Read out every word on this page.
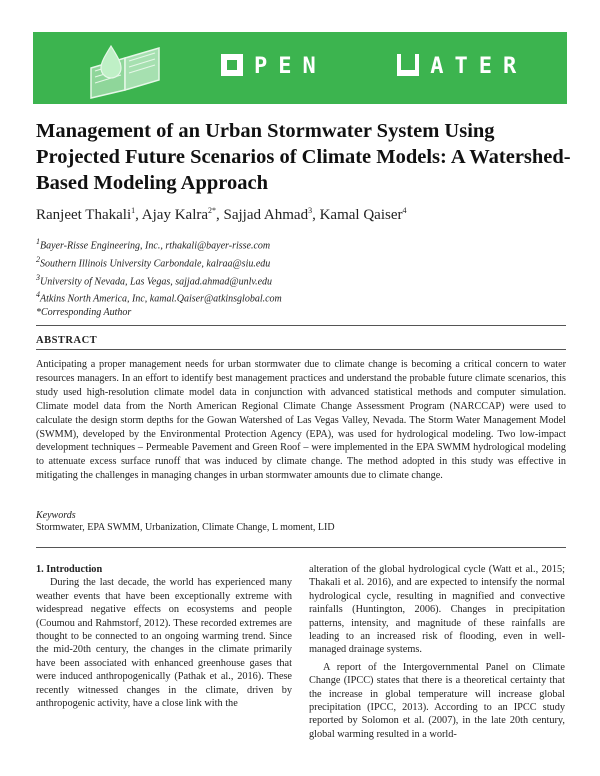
PEN	ATER
Management of an Urban Stormwater System Using Projected Future Scenarios of Climate Models: A Watershed-Based Modeling Approach
Ranjeet Thakali$^1$, Ajay Kalra$^{2*}$, Sajjad Ahmad$^3$, Kamal Qaiser$^4$
$^1$Bayer-Risse Engineering, Inc., rthakali@bayer-risse.com
$^2$Southern Illinois University Carbondale, kalraa@siu.edu
$^3$University of Nevada, Las Vegas, sajjad.ahmad@unlv.edu
$^4$Atkins North America, Inc, kamal.Qaiser@atkinsglobal.com
*Corresponding Author
ABSTRACT

Anticipating a proper management needs for urban stormwater due to climate change is becoming a critical concern to water resources managers. In an effort to identify best management practices and understand the probable future climate scenarios, this study used high-resolution climate model data in conjunction with advanced statistical methods and computer simulation. Climate model data from the North American Regional Climate Change Assessment Program (NARCCAP) were used to calculate the design storm depths for the Gowan Watershed of Las Vegas Valley, Nevada. The Storm Water Management Model (SWMM), developed by the Environmental Protection Agency (EPA), was used for hydrological modeling. Two low-impact development techniques – Permeable Pavement and Green Roof – were implemented in the EPA SWMM hydrological modeling to attenuate excess surface runoff that was induced by climate change. The method adopted in this study was effective in mitigating the challenges in managing changes in urban stormwater amounts due to climate change.

Keywords
Stormwater, EPA SWMM, Urbanization, Climate Change, L moment, LID

1. Introduction

During the last decade, the world has experienced many weather events that have been exceptionally extreme with widespread negative effects on ecosystems and people (Coumou and Rahmstorf, 2012). These recorded extremes are thought to be connected to an ongoing warming trend. Since the mid-20th century, the changes in the climate primarily have been associated with enhanced greenhouse gases that were induced anthropogenically (Pathak et al., 2016). These recently witnessed changes in the climate, driven by anthropogenic activity, have a close link with the

alteration of the global hydrological cycle (Watt et al., 2015; Thakali et al. 2016), and are expected to intensify the normal hydrological cycle, resulting in magnified and convective rainfalls (Huntington, 2006). Changes in precipitation patterns, intensity, and magnitude of these rainfalls are leading to an increased risk of flooding, even in well-managed drainage systems.

A report of the Intergovernmental Panel on Climate Change (IPCC) states that there is a theoretical certainty that the increase in global temperature will increase global precipitation (IPCC, 2013). According to an IPCC study reported by Solomon et al. (2007), in the late 20th century, global warming resulted in a world-
